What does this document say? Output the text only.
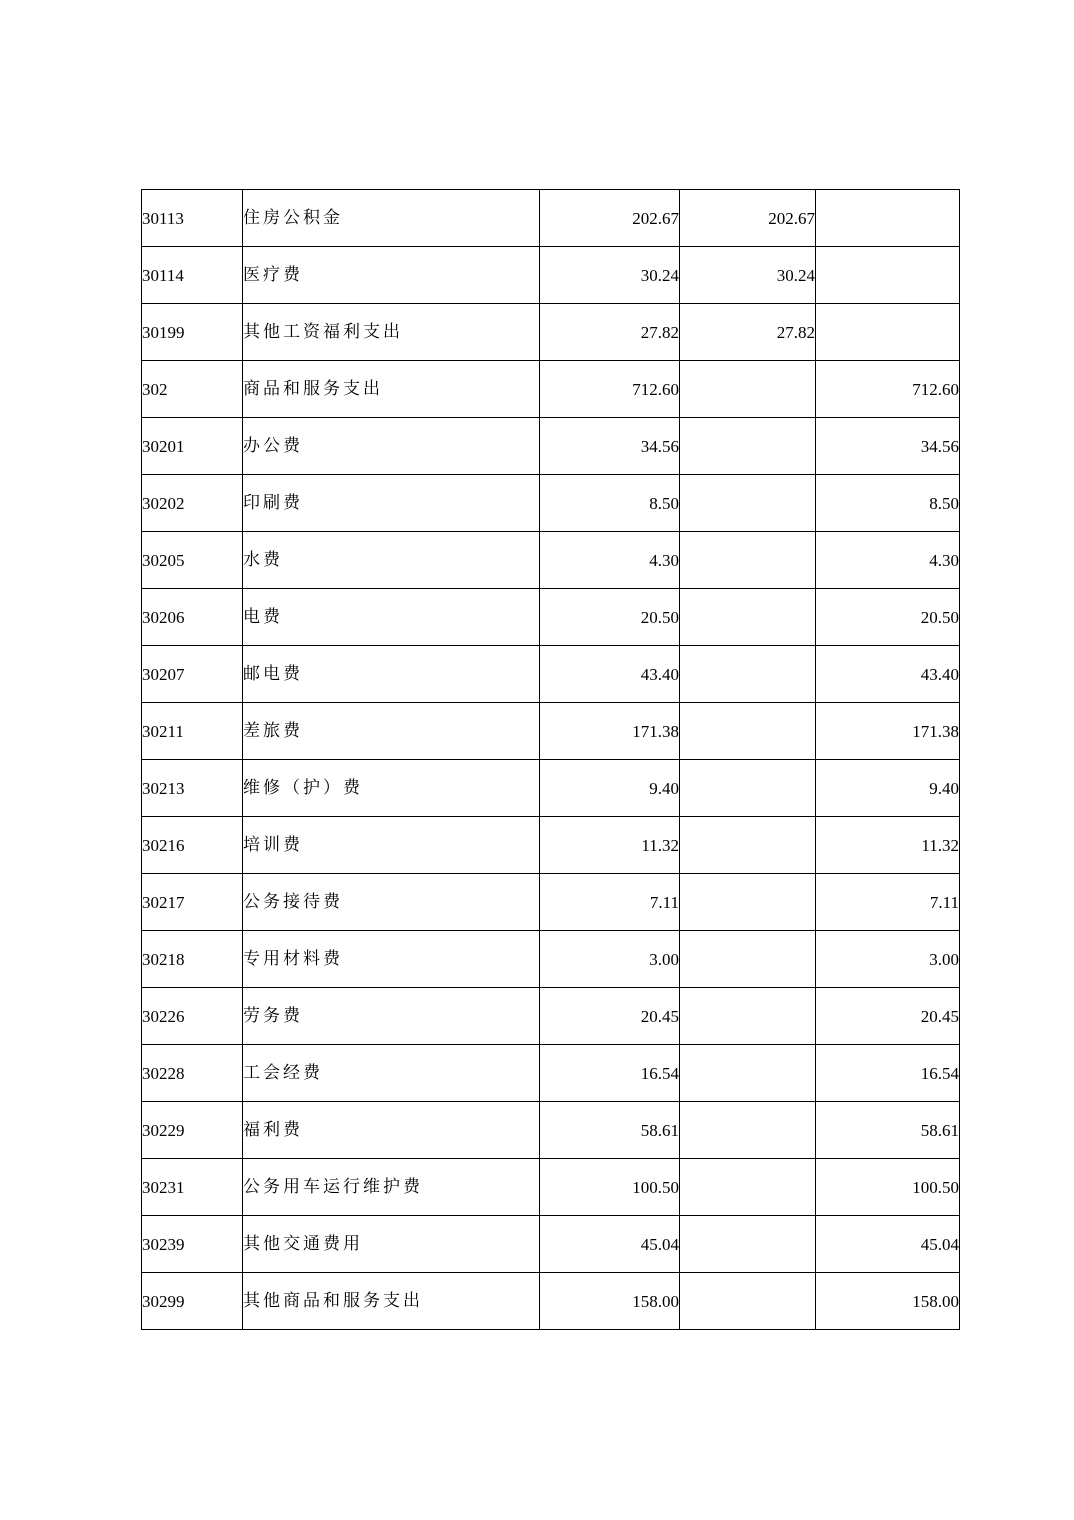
30113	住房公积金	202.67	202.67	
30114	医疗费	30.24	30.24	
30199	其他工资福利支出	27.82	27.82	
302	商品和服务支出	712.60		712.60
30201	办公费	34.56		34.56
30202	印刷费	8.50		8.50
30205	水费	4.30		4.30
30206	电费	20.50		20.50
30207	邮电费	43.40		43.40
30211	差旅费	171.38		171.38
30213	维修（护）费	9.40		9.40
30216	培训费	11.32		11.32
30217	公务接待费	7.11		7.11
30218	专用材料费	3.00		3.00
30226	劳务费	20.45		20.45
30228	工会经费	16.54		16.54
30229	福利费	58.61		58.61
30231	公务用车运行维护费	100.50		100.50
30239	其他交通费用	45.04		45.04
30299	其他商品和服务支出	158.00		158.00
